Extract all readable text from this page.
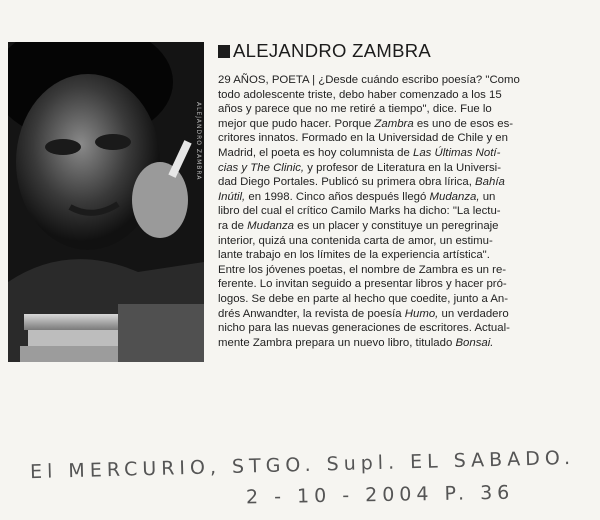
ALEJANDRO ZAMBRA
ALEJANDRO ZAMBRA
29 AÑOS, POETA | ¿Desde cuándo escribo poesía? "Como
todo adolescente triste, debo haber comenzado a los 15
años y parece que no me retiré a tiempo", dice. Fue lo
mejor que pudo hacer. Porque Zambra es uno de esos es-
critores innatos. Formado en la Universidad de Chile y en
Madrid, el poeta es hoy columnista de Las Últimas Notí-
cias y The Clinic, y profesor de Literatura en la Universi-
dad Diego Portales. Publicó su primera obra lírica, Bahía
Inútil, en 1998. Cinco años después llegó Mudanza, un
libro del cual el crítico Camilo Marks ha dicho: "La lectu-
ra de Mudanza es un placer y constituye un peregrinaje
interior, quizá una contenida carta de amor, un estimu-
lante trabajo en los límites de la experiencia artística".
Entre los jóvenes poetas, el nombre de Zambra es un re-
ferente. Lo invitan seguido a presentar libros y hacer pró-
logos. Se debe en parte al hecho que coedite, junto a An-
drés Anwandter, la revista de poesía Humo, un verdadero
nicho para las nuevas generaciones de escritores. Actual-
mente Zambra prepara un nuevo libro, titulado Bonsai.
El MERCURIO, STGO. Supl. EL SABADO.
2 - 10 - 2004 P. 36
